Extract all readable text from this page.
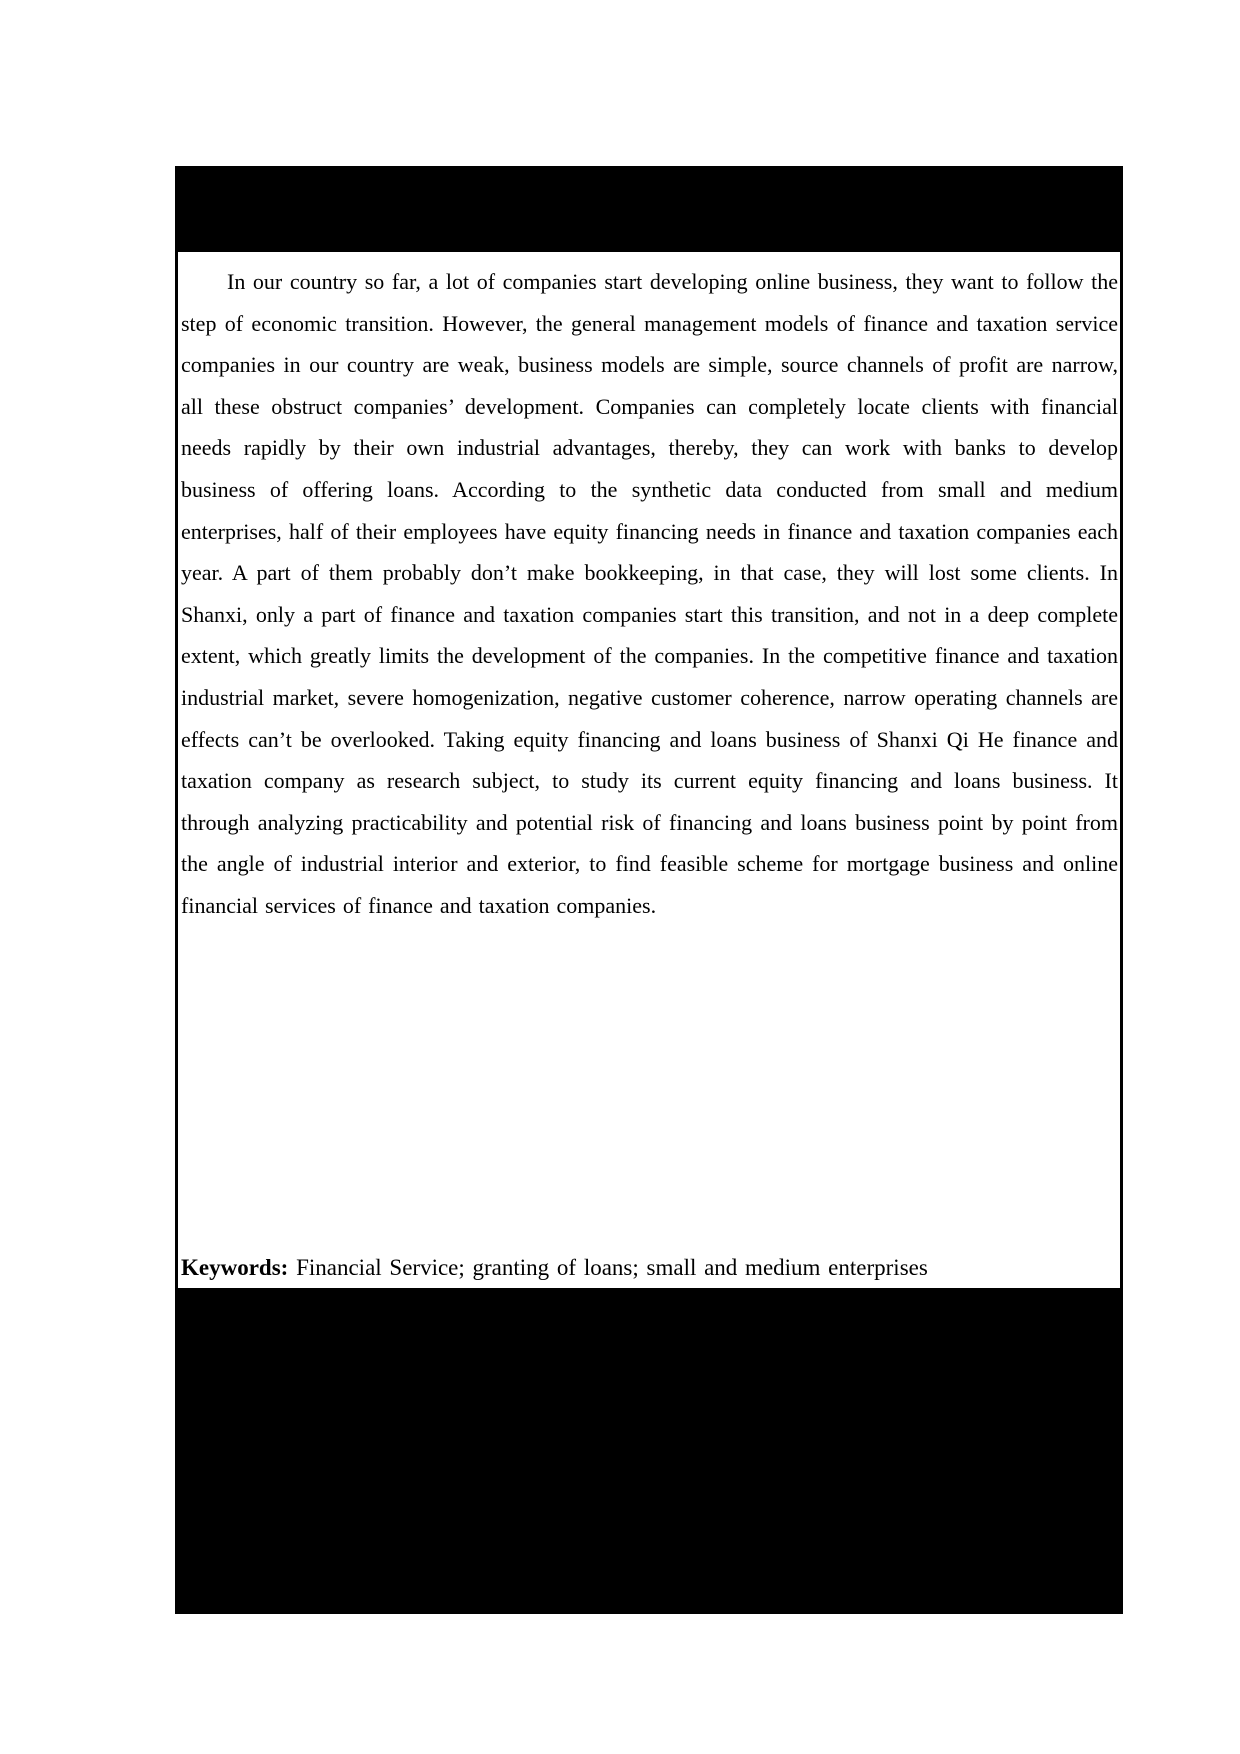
In our country so far, a lot of companies start developing online business, they want to follow the step of economic transition. However, the general management models of finance and taxation service companies in our country are weak, business models are simple, source channels of profit are narrow, all these obstruct companies’ development. Companies can completely locate clients with financial needs rapidly by their own industrial advantages, thereby, they can work with banks to develop business of offering loans. According to the synthetic data conducted from small and medium enterprises, half of their employees have equity financing needs in finance and taxation companies each year. A part of them probably don’t make bookkeeping, in that case, they will lost some clients. In Shanxi, only a part of finance and taxation companies start this transition, and not in a deep complete extent, which greatly limits the development of the companies. In the competitive finance and taxation industrial market, severe homogenization, negative customer coherence, narrow operating channels are effects can’t be overlooked. Taking equity financing and loans business of Shanxi Qi He finance and taxation company as research subject, to study its current equity financing and loans business. It through analyzing practicability and potential risk of financing and loans business point by point from the angle of industrial interior and exterior, to find feasible scheme for mortgage business and online financial services of finance and taxation companies.

Keywords: Financial Service; granting of loans; small and medium enterprises
